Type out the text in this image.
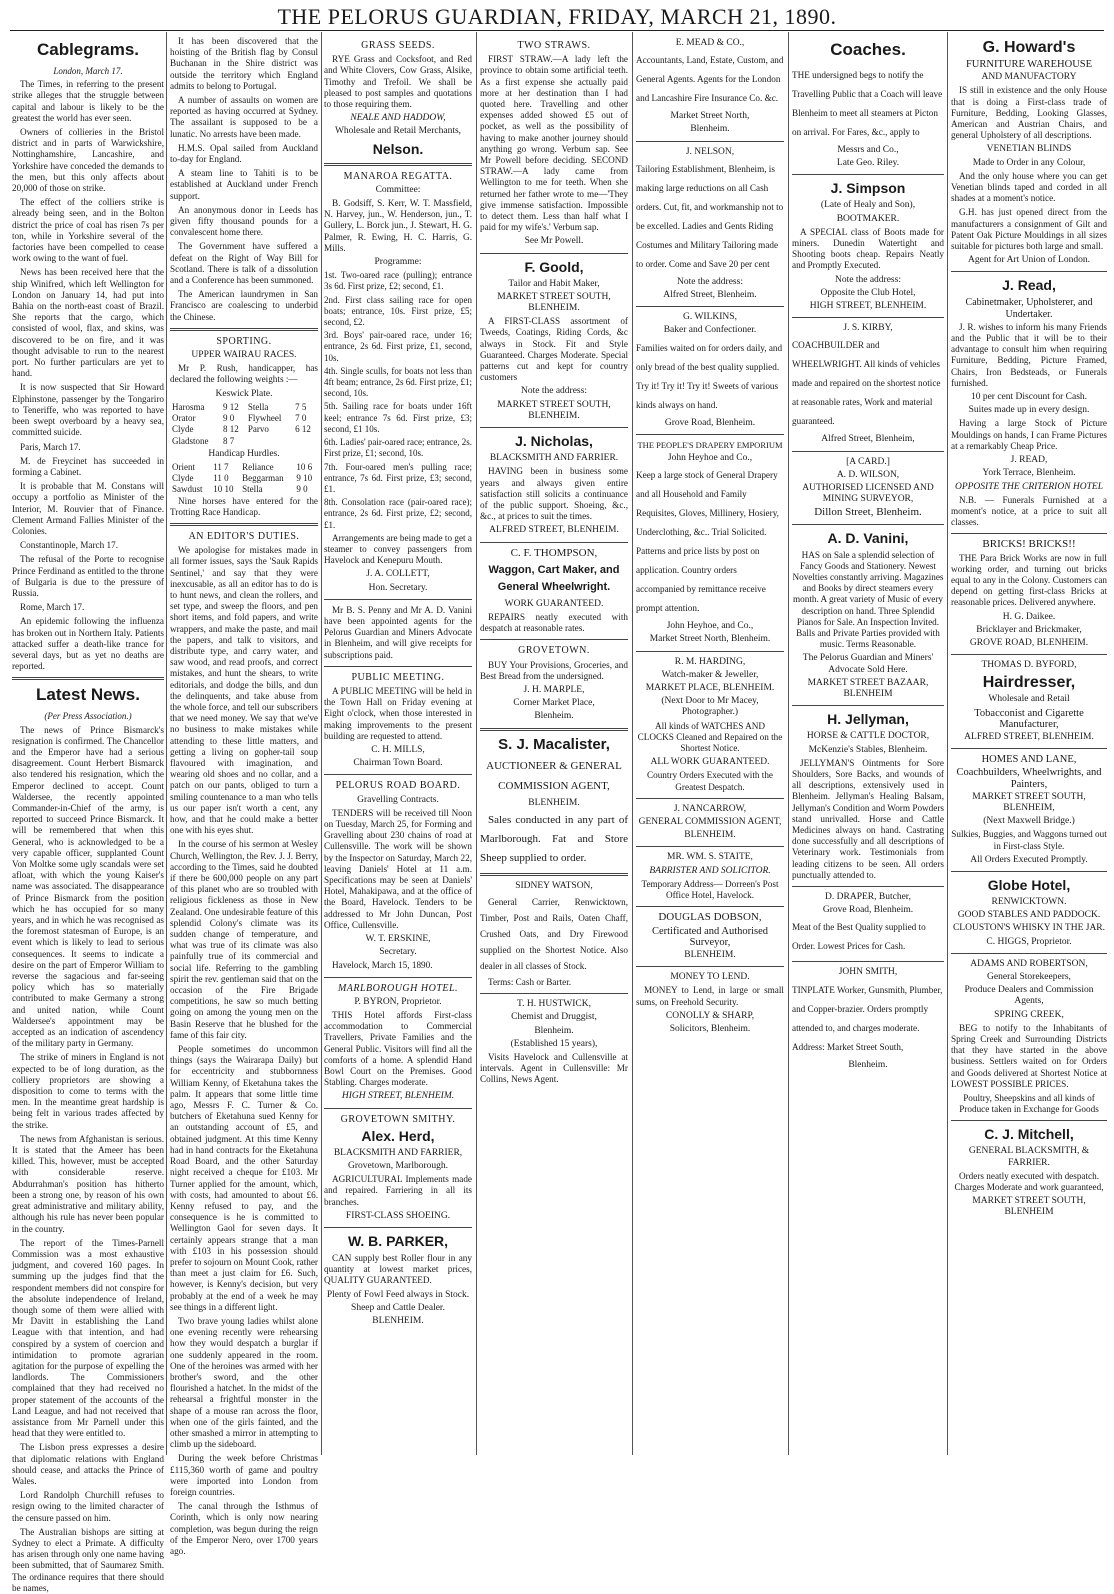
THE PELORUS GUARDIAN, FRIDAY, MARCH 21, 1890.
Cablegrams.
London, March 17.

The Times, in referring to the present strike alleges that the struggle between capital and labour is likely to be the greatest the world has ever seen.

Owners of collieries in the Bristol district and in parts of Warwickshire, Nottinghamshire, Lancashire, and Yorkshire have conceded the demands to the men, but this only affects about 20,000 of those on strike.

The effect of the colliers strike is already being seen, and in the Bolton district the price of coal has risen 7s per ton, while in Yorkshire several of the factories have been compelled to cease work owing to the want of fuel.

News has been received here that the ship Winifred, which left Wellington for London on January 14, had put into Bahia on the north-east coast of Brazil. She reports that the cargo, which consisted of wool, flax, and skins, was discovered to be on fire, and it was thought advisable to run to the nearest port. No further particulars are yet to hand.

It is now suspected that Sir Howard Elphinstone, passenger by the Tongariro to Teneriffe, who was reported to have been swept overboard by a heavy sea, committed suicide.

Paris, March 17.

M. de Freycinet has succeeded in forming a Cabinet.

It is probable that M. Constans will occupy a portfolio as Minister of the Interior, M. Rouvier that of Finance. Clement Armand Fallies Minister of the Colonies.

Constantinople, March 17.

The refusal of the Porte to recognise Prince Ferdinand as entitled to the throne of Bulgaria is due to the pressure of Russia.

Rome, March 17.

An epidemic following the influenza has broken out in Northern Italy. Patients attacked suffer a death-like trance for several days, but as yet no deaths are reported.

Latest News.
(Per Press Association.)

The news of Prince Bismarck's resignation is confirmed. The Chancellor and the Emperor have had a serious disagreement. Count Herbert Bismarck also tendered his resignation, which the Emperor declined to accept. Count Waldersee, the recently appointed Commander-in-Chief of the army, is reported to succeed Prince Bismarck. It will be remembered that when this General, who is acknowledged to be a very capable officer, supplanted Count Von Moltke some ugly scandals were set afloat, with which the young Kaiser's name was associated. The disappearance of Prince Bismarck from the position which he has occupied for so many years, and in which he was recognised as the foremost statesman of Europe, is an event which is likely to lead to serious consequences. It seems to indicate a desire on the part of Emperor William to reverse the sagacious and far-seeing policy which has so materially contributed to make Germany a strong and united nation, while Count Waldersee's appointment may be accepted as an indication of ascendency of the military party in Germany.

The strike of miners in England is not expected to be of long duration, as the colliery proprietors are showing a disposition to come to terms with the men. In the meantime great hardship is being felt in various trades affected by the strike.

The news from Afghanistan is serious. It is stated that the Ameer has been killed. This, however, must be accepted with considerable reserve. Abdurrahman's position has hitherto been a strong one, by reason of his own great administrative and military ability, although his rule has never been popular in the country.

The report of the Times-Parnell Commission was a most exhaustive judgment, and covered 160 pages. In summing up the judges find that the respondent members did not conspire for the absolute independence of Ireland, though some of them were allied with Mr Davitt in establishing the Land League with that intention, and had conspired by a system of coercion and intimidation to promote agrarian agitation for the purpose of expelling the landlords. The Commissioners complained that they had received no proper statement of the accounts of the Land League, and had not received that assistance from Mr Parnell under this head that they were entitled to.

The Lisbon press expresses a desire that diplomatic relations with England should cease, and attacks the Prince of Wales.

Lord Randolph Churchill refuses to resign owing to the limited character of the censure passed on him.

The Australian bishops are sitting at Sydney to elect a Primate. A difficulty has arisen through only one name having been submitted, that of Saumarez Smith. The ordinance requires that there should be names,

It has been discovered that the hoisting of the British flag by Consul Buchanan in the Shire district was outside the territory which England admits to belong to Portugal.

A number of assaults on women are reported as having occurred at Sydney. The assailant is supposed to be a lunatic. No arrests have been made.

H.M.S. Opal sailed from Auckland to-day for England.

A steam line to Tahiti is to be established at Auckland under French support.

An anonymous donor in Leeds has given fifty thousand pounds for a convalescent home there.

The Government have suffered a defeat on the Right of Way Bill for Scotland. There is talk of a dissolution and a Conference has been summoned.

The American laundrymen in San Francisco are coalescing to underbid the Chinese.

SPORTING.
UPPER WAIRAU RACES.

Mr P. Rush, handicapper, has declared the following weights :—

Keswick Plate.
Harosma	9 12	Stella	7 5
Orator	9 0	Flywheel	7 0
Clyde	8 12	Parvo	6 12
Gladstone	8 7		
Handicap Hurdles.
Orient	11 7	Reliance	10 6
Clyde	11 0	Beggarman	9 10
Sawdust	10 10	Stella	9 0

Nine horses have entered for the Trotting Race Handicap.

AN EDITOR'S DUTIES.

We apologise for mistakes made in all former issues, says the 'Sauk Rapids Sentinel,' and say that they were inexcusable, as all an editor has to do is to hunt news, and clean the rollers, and set type, and sweep the floors, and pen short items, and fold papers, and write wrappers, and make the paste, and mail the papers, and talk to visitors, and distribute type, and carry water, and saw wood, and read proofs, and correct mistakes, and hunt the shears, to write editorials, and dodge the bills, and dun the delinquents, and take abuse from the whole force, and tell our subscribers that we need money. We say that we've no business to make mistakes while attending to these little matters, and getting a living on gopher-tail soup flavoured with imagination, and wearing old shoes and no collar, and a patch on our pants, obliged to turn a smiling countenance to a man who tells us our paper isn't worth a cent, any how, and that he could make a better one with his eyes shut.

In the course of his sermon at Wesley Church, Wellington, the Rev. J. J. Berry, according to the Times, said he doubted if there be 600,000 people on any part of this planet who are so troubled with religious fickleness as those in New Zealand. One undesirable feature of this splendid Colony's climate was its sudden change of temperature, and what was true of its climate was also painfully true of its commercial and social life. Referring to the gambling spirit the rev. gentleman said that on the occasion of the Fire Brigade competitions, he saw so much betting going on among the young men on the Basin Reserve that he blushed for the fame of this fair city.

People sometimes do uncommon things (says the Wairarapa Daily) but for eccentricity and stubbornness William Kenny, of Eketahuna takes the palm. It appears that some little time ago, Messrs F. C. Turner & Co. butchers of Eketahuna sued Kenny for an outstanding account of £5, and obtained judgment. At this time Kenny had in hand contracts for the Eketahuna Road Board, and the other Saturday night received a cheque for £103. Mr Turner applied for the amount, which, with costs, had amounted to about £6. Kenny refused to pay, and the consequence is he is committed to Wellington Gaol for seven days. It certainly appears strange that a man with £103 in his possession should prefer to sojourn on Mount Cook, rather than meet a just claim for £6. Such, however, is Kenny's decision, but very probably at the end of a week he may see things in a different light.

Two brave young ladies whilst alone one evening recently were rehearsing how they would despatch a burglar if one suddenly appeared in the room. One of the heroines was armed with her brother's sword, and the other flourished a hatchet. In the midst of the rehearsal a frightful monster in the shape of a mouse ran across the floor, when one of the girls fainted, and the other smashed a mirror in attempting to climb up the sideboard.

During the week before Christmas £115,360 worth of game and poultry were imported into London from foreign countries.

The canal through the Isthmus of Corinth, which is only now nearing completion, was begun during the reign of the Emperor Nero, over 1700 years ago.

GRASS SEEDS.

RYE Grass and Cocksfoot, and Red and White Clovers, Cow Grass, Alsike, Timothy and Trefoil. We shall be pleased to post samples and quotations to those requiring them.

NEALE AND HADDOW,
Wholesale and Retail Merchants,
Nelson.
MANAROA REGATTA.
Committee:

B. Godsiff, S. Kerr, W. T. Massfield, N. Harvey, jun., W. Henderson, jun., T. Gullery, L. Borck jun., J. Stewart, H. G. Palmer, R. Ewing, H. C. Harris, G. Mills.

Programme:

1st. Two-oared race (pulling); entrance 3s 6d. First prize, £2; second, £1.

2nd. First class sailing race for open boats; entrance, 10s. First prize, £5; second, £2.

3rd. Boys' pair-oared race, under 16; entrance, 2s 6d. First prize, £1, second, 10s.

4th. Single sculls, for boats not less than 4ft beam; entrance, 2s 6d. First prize, £1; second, 10s.

5th. Sailing race for boats under 16ft keel; entrance 7s 6d. First prize, £3; second, £1 10s.

6th. Ladies' pair-oared race; entrance, 2s. First prize, £1; second, 10s.

7th. Four-oared men's pulling race; entrance, 7s 6d. First prize, £3; second, £1.

8th. Consolation race (pair-oared race); entrance, 2s 6d. First prize, £2; second, £1.

Arrangements are being made to get a steamer to convey passengers from Havelock and Kenepuru Mouth.

J. A. COLLETT,
Hon. Secretary.

Mr B. S. Penny and Mr A. D. Vanini have been appointed agents for the Pelorus Guardian and Miners Advocate in Blenheim, and will give receipts for subscriptions paid.

PUBLIC MEETING.

A PUBLIC MEETING will be held in the Town Hall on Friday evening at Eight o'clock, when those interested in making improvements to the present building are requested to attend.

C. H. MILLS,
Chairman Town Board.
PELORUS ROAD BOARD.
Gravelling Contracts.

TENDERS will be received till Noon on Tuesday, March 25, for Forming and Gravelling about 230 chains of road at Cullensville. The work will be shown by the Inspector on Saturday, March 22, leaving Daniels' Hotel at 11 a.m. Specifications may be seen at Daniels' Hotel, Mahakipawa, and at the office of the Board, Havelock. Tenders to be addressed to Mr John Duncan, Post Office, Cullensville.

W. T. ERSKINE,
Secretary.

Havelock, March 15, 1890.

MARLBOROUGH HOTEL.
P. BYRON, Proprietor.

THIS Hotel affords First-class accommodation to Commercial Travellers, Private Families and the General Public. Visitors will find all the comforts of a home. A splendid Hand Bowl Court on the Premises. Good Stabling. Charges moderate.

HIGH STREET, BLENHEIM.
GROVETOWN SMITHY.
Alex. Herd,
BLACKSMITH AND FARRIER,
Grovetown, Marlborough.

AGRICULTURAL Implements made and repaired. Farriering in all its branches.

FIRST-CLASS SHOEING.
W. B. PARKER,

CAN supply best Roller flour in any quantity at lowest market prices, QUALITY GUARANTEED.

Plenty of Fowl Feed always in Stock.
Sheep and Cattle Dealer.
BLENHEIM.
TWO STRAWS.

FIRST STRAW.—A lady left the province to obtain some artificial teeth. As a first expense she actually paid more at her destination than I had quoted here. Travelling and other expenses added showed £5 out of pocket, as well as the possibility of having to make another journey should anything go wrong. Verbum sap. See Mr Powell before deciding. SECOND STRAW.—A lady came from Wellington to me for teeth. When she returned her father wrote to me—'They give immense satisfaction. Impossible to detect them. Less than half what I paid for my wife's.' Verbum sap.

See Mr Powell.
F. Goold,
Tailor and Habit Maker,
MARKET STREET SOUTH, BLENHEIM.

A FIRST-CLASS assortment of Tweeds, Coatings, Riding Cords, &c always in Stock. Fit and Style Guaranteed. Charges Moderate. Special patterns cut and kept for country customers

Note the address:
MARKET STREET SOUTH, BLENHEIM.
J. Nicholas,
BLACKSMITH AND FARRIER.

HAVING been in business some years and always given entire satisfaction still solicits a continuance of the public support. Shoeing, &c., &c., at prices to suit the times.

ALFRED STREET, BLENHEIM.
C. F. THOMPSON,
Waggon, Cart Maker, and General Wheelwright.
WORK GUARANTEED.

REPAIRS neatly executed with despatch at reasonable rates.

GROVETOWN.

BUY Your Provisions, Groceries, and Best Bread from the undersigned.

J. H. MARPLE,
Corner Market Place,
Blenheim.
S. J. Macalister,
AUCTIONEER & GENERAL COMMISSION AGENT,
BLENHEIM.

Sales conducted in any part of Marlborough. Fat and Store Sheep supplied to order.

SIDNEY WATSON,

General Carrier, Renwicktown, Timber, Post and Rails, Oaten Chaff, Crushed Oats, and Dry Firewood supplied on the Shortest Notice. Also dealer in all classes of Stock.

Terms: Cash or Barter.

T. H. HUSTWICK,
Chemist and Druggist,
Blenheim.
(Established 15 years),

Visits Havelock and Cullensville at intervals. Agent in Cullensville: Mr Collins, News Agent.

E. MEAD & CO.,

Accountants, Land, Estate, Custom, and General Agents. Agents for the London and Lancashire Fire Insurance Co. &c.

Market Street North,
Blenheim.
J. NELSON,

Tailoring Establishment, Blenheim, is making large reductions on all Cash orders. Cut, fit, and workmanship not to be excelled. Ladies and Gents Riding Costumes and Military Tailoring made to order. Come and Save 20 per cent

Note the address:
Alfred Street, Blenheim.
G. WILKINS,
Baker and Confectioner.

Families waited on for orders daily, and only bread of the best quality supplied. Try it! Try it! Try it! Sweets of various kinds always on hand.

Grove Road, Blenheim.
THE PEOPLE'S DRAPERY EMPORIUM
John Heyhoe and Co.,

Keep a large stock of General Drapery and all Household and Family Requisites, Gloves, Millinery, Hosiery, Underclothing, &c.. Trial Solicited. Patterns and price lists by post on application. Country orders accompanied by remittance receive prompt attention.

John Heyhoe, and Co.,
Market Street North, Blenheim.
R. M. HARDING,
Watch-maker & Jeweller,
MARKET PLACE, BLENHEIM.
(Next Door to Mr Macey, Photographer.)

All kinds of WATCHES AND CLOCKS Cleaned and Repaired on the Shortest Notice.

ALL WORK GUARANTEED.

Country Orders Executed with the Greatest Despatch.

J. NANCARROW,
GENERAL COMMISSION AGENT,
BLENHEIM.
MR. WM. S. STAITE,
BARRISTER AND SOLICITOR.

Temporary Address— Dorreen's Post Office Hotel, Havelock.

DOUGLAS DOBSON,
Certificated and Authorised Surveyor,
BLENHEIM.
MONEY TO LEND.

MONEY to Lend, in large or small sums, on Freehold Security.

CONOLLY & SHARP,
Solicitors, Blenheim.
Coaches.

THE undersigned begs to notify the Travelling Public that a Coach will leave Blenheim to meet all steamers at Picton on arrival. For Fares, &c., apply to

Messrs and Co.,
Late Geo. Riley.
J. Simpson
(Late of Healy and Son),
BOOTMAKER.

A SPECIAL class of Boots made for miners. Dunedin Watertight and Shooting boots cheap. Repairs Neatly and Promptly Executed.

Note the address:
Opposite the Club Hotel,
HIGH STREET, BLENHEIM.
J. S. KIRBY,

COACHBUILDER and WHEELWRIGHT. All kinds of vehicles made and repaired on the shortest notice at reasonable rates, Work and material guaranteed.

Alfred Street, Blenheim,
[A CARD.]
A. D. WILSON,
AUTHORISED LICENSED AND MINING SURVEYOR,
Dillon Street, Blenheim.
A. D. Vanini,

HAS on Sale a splendid selection of Fancy Goods and Stationery. Newest Novelties constantly arriving. Magazines and Books by direct steamers every month. A great variety of Music of every description on hand. Three Splendid Pianos for Sale. An Inspection Invited. Balls and Private Parties provided with music. Terms Reasonable.

The Pelorus Guardian and Miners' Advocate Sold Here.
MARKET STREET BAZAAR, BLENHEIM
H. Jellyman,
HORSE & CATTLE DOCTOR,
McKenzie's Stables, Blenheim.

JELLYMAN'S Ointments for Sore Shoulders, Sore Backs, and wounds of all descriptions, extensively used in Blenheim. Jellyman's Healing Balsam, Jellyman's Condition and Worm Powders stand unrivalled. Horse and Cattle Medicines always on hand. Castrating done successfully and all descriptions of Veterinary work. Testimonials from leading citizens to be seen. All orders punctually attended to.

D. DRAPER, Butcher,
Grove Road, Blenheim.

Meat of the Best Quality supplied to Order. Lowest Prices for Cash.

JOHN SMITH,

TINPLATE Worker, Gunsmith, Plumber, and Copper-brazier. Orders promptly attended to, and charges moderate. Address: Market Street South,

Blenheim.
G. Howard's
FURNITURE WAREHOUSE
AND MANUFACTORY

IS still in existence and the only House that is doing a First-class trade of Furniture, Bedding, Looking Glasses, American and Austrian Chairs, and general Upholstery of all descriptions.

VENETIAN BLINDS
Made to Order in any Colour,

And the only house where you can get Venetian blinds taped and corded in all shades at a moment's notice.

G.H. has just opened direct from the manufacturers a consignment of Gilt and Patent Oak Picture Mouldings in all sizes suitable for pictures both large and small.

Agent for Art Union of London.
J. Read,
Cabinetmaker, Upholsterer, and Undertaker.

J. R. wishes to inform his many Friends and the Public that it will be to their advantage to consult him when requiring Furniture, Bedding, Picture Framed, Chairs, Iron Bedsteads, or Funerals furnished.

10 per cent Discount for Cash.
Suites made up in every design.

Having a large Stock of Picture Mouldings on hands, I can Frame Pictures at a remarkably Cheap Price.

J. READ,
York Terrace, Blenheim.
OPPOSITE THE CRITERION HOTEL

N.B. — Funerals Furnished at a moment's notice, at a price to suit all classes.

BRICKS! BRICKS!!

THE Para Brick Works are now in full working order, and turning out bricks equal to any in the Colony. Customers can depend on getting first-class Bricks at reasonable prices. Delivered anywhere.

H. G. Daikee.
Bricklayer and Brickmaker,
GROVE ROAD, BLENHEIM.
THOMAS D. BYFORD,
Hairdresser,
Wholesale and Retail
Tobacconist and Cigarette Manufacturer,
ALFRED STREET, BLENHEIM.
HOMES AND LANE,
Coachbuilders, Wheelwrights, and Painters,
MARKET STREET SOUTH, BLENHEIM,
(Next Maxwell Bridge.)

Sulkies, Buggies, and Waggons turned out in First-class Style.

All Orders Executed Promptly.
Globe Hotel,
RENWICKTOWN.
GOOD STABLES AND PADDOCK.
CLOUSTON'S WHISKY IN THE JAR.
C. HIGGS, Proprietor.
ADAMS AND ROBERTSON,
General Storekeepers,
Produce Dealers and Commission Agents,
SPRING CREEK,

BEG to notify to the Inhabitants of Spring Creek and Surrounding Districts that they have started in the above business. Settlers waited on for Orders and Goods delivered at Shortest Notice at LOWEST POSSIBLE PRICES.

Poultry, Sheepskins and all kinds of Produce taken in Exchange for Goods

C. J. Mitchell,
GENERAL BLACKSMITH, & FARRIER.

Orders neatly executed with despatch. Charges Moderate and work guaranteed,

MARKET STREET SOUTH, BLENHEIM
